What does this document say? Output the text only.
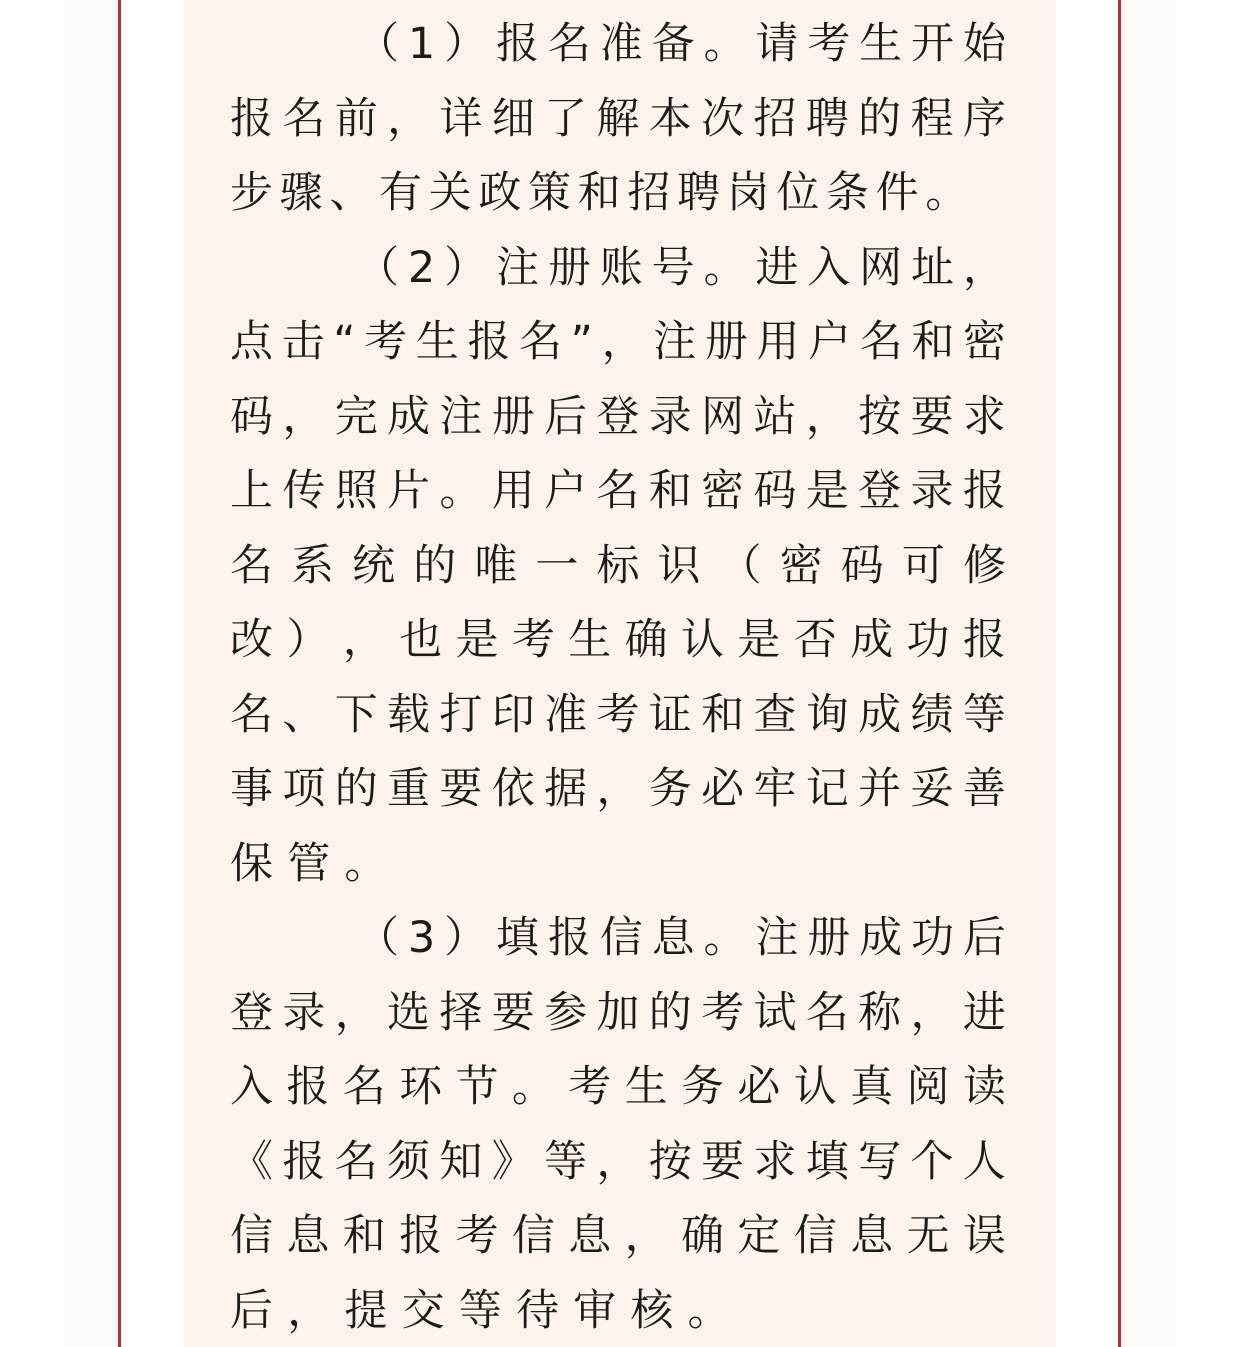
（ 1 ） 报 名 准 备 。 请 考 生 开 始
报 名 前 ， 详 细 了 解 本 次 招 聘 的 程 序
步骤、有关政策和招聘岗位条件。
（ 2 ） 注 册 账 号 。 进 入 网 址 ，
点 击 “ 考 生 报 名 ” ， 注 册 用 户 名 和 密
码 ， 完 成 注 册 后 登 录 网 站 ， 按 要 求
上 传 照 片 。 用 户 名 和 密 码 是 登 录 报
名 系 统 的 唯 一 标 识 （ 密 码 可 修
改 ） ， 也 是 考 生 确 认 是 否 成 功 报
名 、 下 载 打 印 准 考 证 和 查 询 成 绩 等
事 项 的 重 要 依 据 ， 务 必 牢 记 并 妥 善
保管。
（ 3 ） 填 报 信 息 。 注 册 成 功 后
登 录 ， 选 择 要 参 加 的 考 试 名 称 ， 进
入 报 名 环 节 。 考 生 务 必 认 真 阅 读
《 报 名 须 知 》 等 ， 按 要 求 填 写 个 人
信 息 和 报 考 信 息 ， 确 定 信 息 无 误
后，提交等待审核。
